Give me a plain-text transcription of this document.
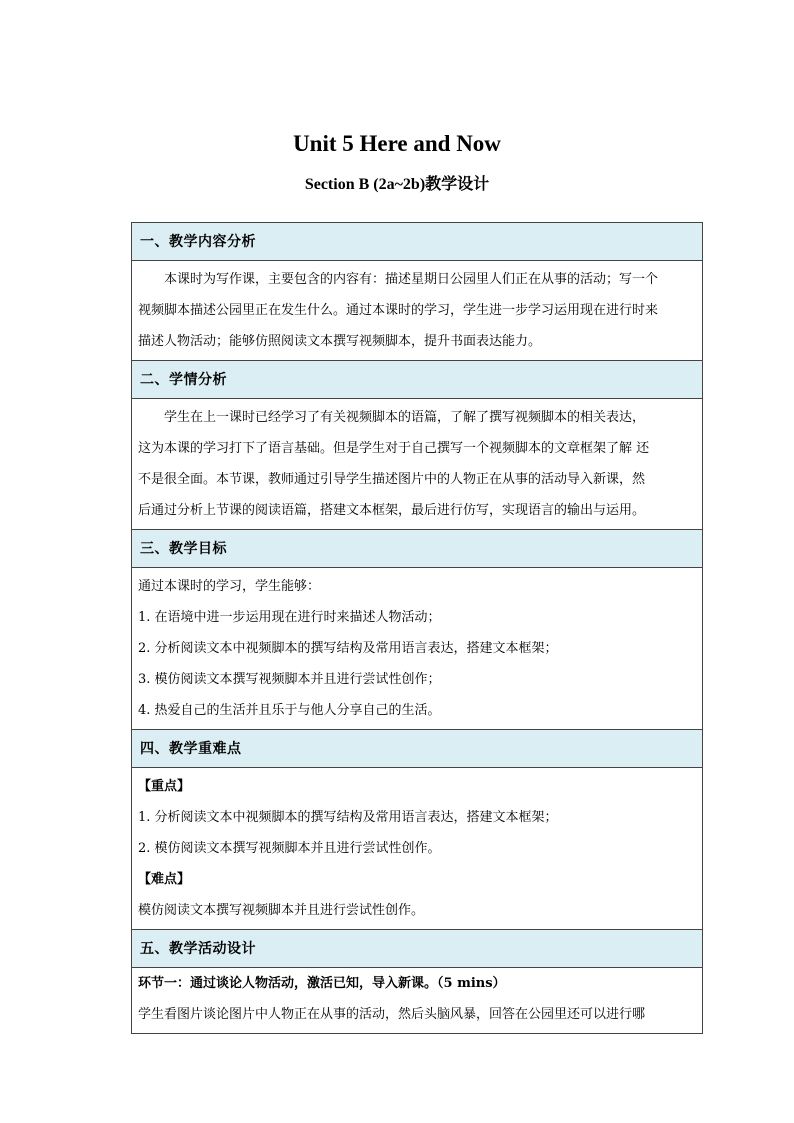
Unit 5 Here and Now
Section B (2a~2b)教学设计
一、教学内容分析
本课时为写作课，主要包含的内容有：描述星期日公园里人们正在从事的活动；写一个
视频脚本描述公园里正在发生什么。通过本课时的学习，学生进一步学习运用现在进行时来
描述人物活动；能够仿照阅读文本撰写视频脚本，提升书面表达能力。
二、学情分析
学生在上一课时已经学习了有关视频脚本的语篇，了解了撰写视频脚本的相关表达，
这为本课的学习打下了语言基础。但是学生对于自己撰写一个视频脚本的文章框架了解 还
不是很全面。本节课，教师通过引导学生描述图片中的人物正在从事的活动导入新课，然
后通过分析上节课的阅读语篇，搭建文本框架，最后进行仿写，实现语言的输出与运用。
三、教学目标
通过本课时的学习，学生能够：
1. 在语境中进一步运用现在进行时来描述人物活动；
2. 分析阅读文本中视频脚本的撰写结构及常用语言表达，搭建文本框架；
3. 模仿阅读文本撰写视频脚本并且进行尝试性创作；
4. 热爱自己的生活并且乐于与他人分享自己的生活。
四、教学重难点
【重点】
1. 分析阅读文本中视频脚本的撰写结构及常用语言表达，搭建文本框架；
2. 模仿阅读文本撰写视频脚本并且进行尝试性创作。
【难点】
模仿阅读文本撰写视频脚本并且进行尝试性创作。
五、教学活动设计
环节一：通过谈论人物活动，激活已知，导入新课。（5 mins）
学生看图片谈论图片中人物正在从事的活动，然后头脑风暴，回答在公园里还可以进行哪
